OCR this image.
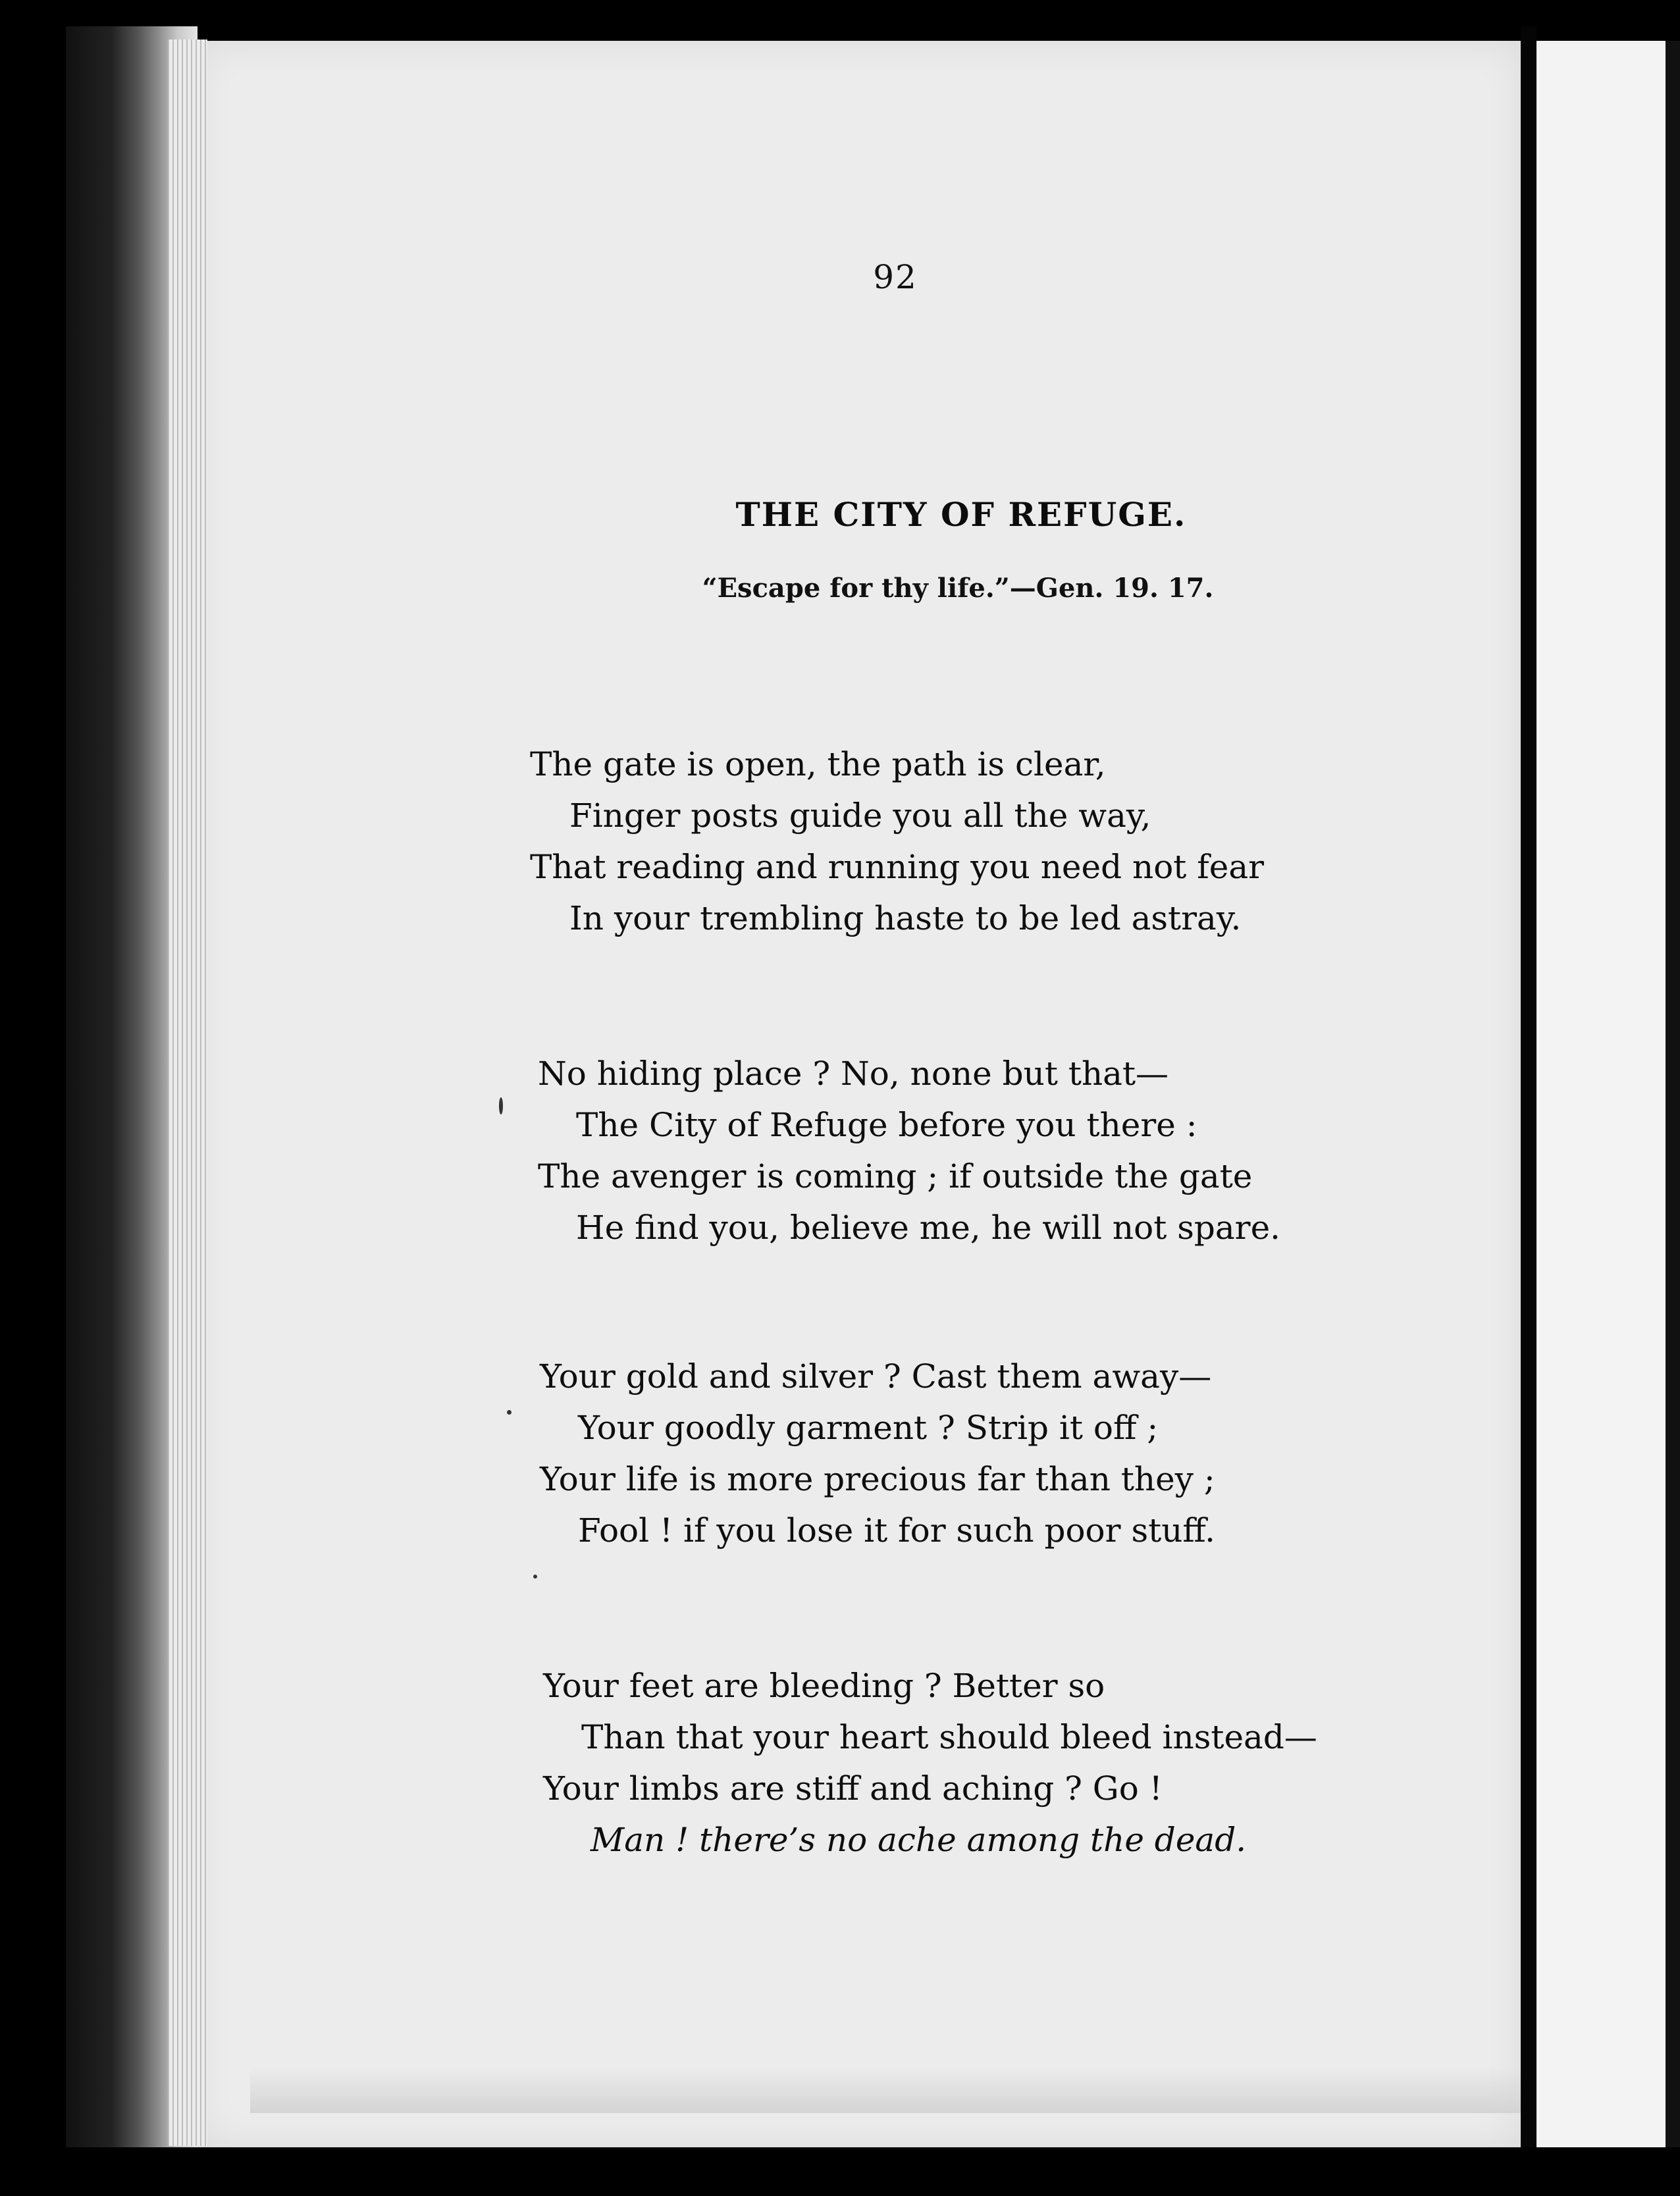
92
THE CITY OF REFUGE.
“Escape for thy life.”—Gen. 19. 17.
The gate is open, the path is clear,
Finger posts guide you all the way,
That reading and running you need not fear
In your trembling haste to be led astray.
No hiding place ? No, none but that—
The City of Refuge before you there :
The avenger is coming ; if outside the gate
He find you, believe me, he will not spare.
Your gold and silver ? Cast them away—
Your goodly garment ? Strip it off ;
Your life is more precious far than they ;
Fool ! if you lose it for such poor stuff.
Your feet are bleeding ? Better so
Than that your heart should bleed instead—
Your limbs are stiff and aching ? Go !
Man ! there’s no ache among the dead.
